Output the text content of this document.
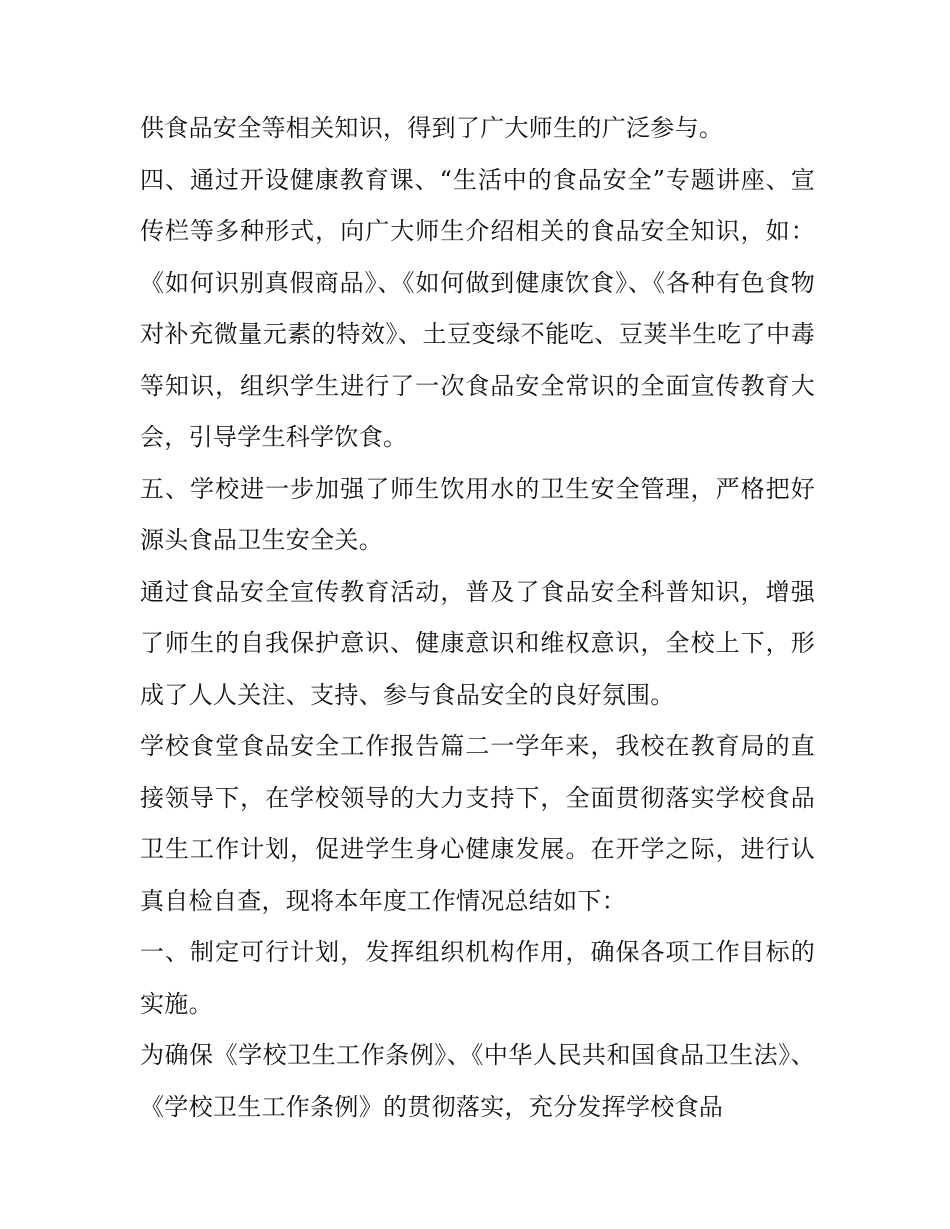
供食品安全等相关知识，得到了广大师生的广泛参与。

四、通过开设健康教育课、“生活中的食品安全”专题讲座、宣传栏等多种形式，向广大师生介绍相关的食品安全知识，如：《如何识别真假商品》、《如何做到健康饮食》、《各种有色食物对补充微量元素的特效》、土豆变绿不能吃、豆荚半生吃了中毒等知识，组织学生进行了一次食品安全常识的全面宣传教育大会，引导学生科学饮食。

五、学校进一步加强了师生饮用水的卫生安全管理，严格把好源头食品卫生安全关。

通过食品安全宣传教育活动，普及了食品安全科普知识，增强了师生的自我保护意识、健康意识和维权意识，全校上下，形成了人人关注、支持、参与食品安全的良好氛围。

学校食堂食品安全工作报告篇二一学年来，我校在教育局的直接领导下，在学校领导的大力支持下，全面贯彻落实学校食品卫生工作计划，促进学生身心健康发展。在开学之际，进行认真自检自查，现将本年度工作情况总结如下：

一、制定可行计划，发挥组织机构作用，确保各项工作目标的实施。

为确保《学校卫生工作条例》、《中华人民共和国食品卫生法》、《学校卫生工作条例》的贯彻落实，充分发挥学校食品
